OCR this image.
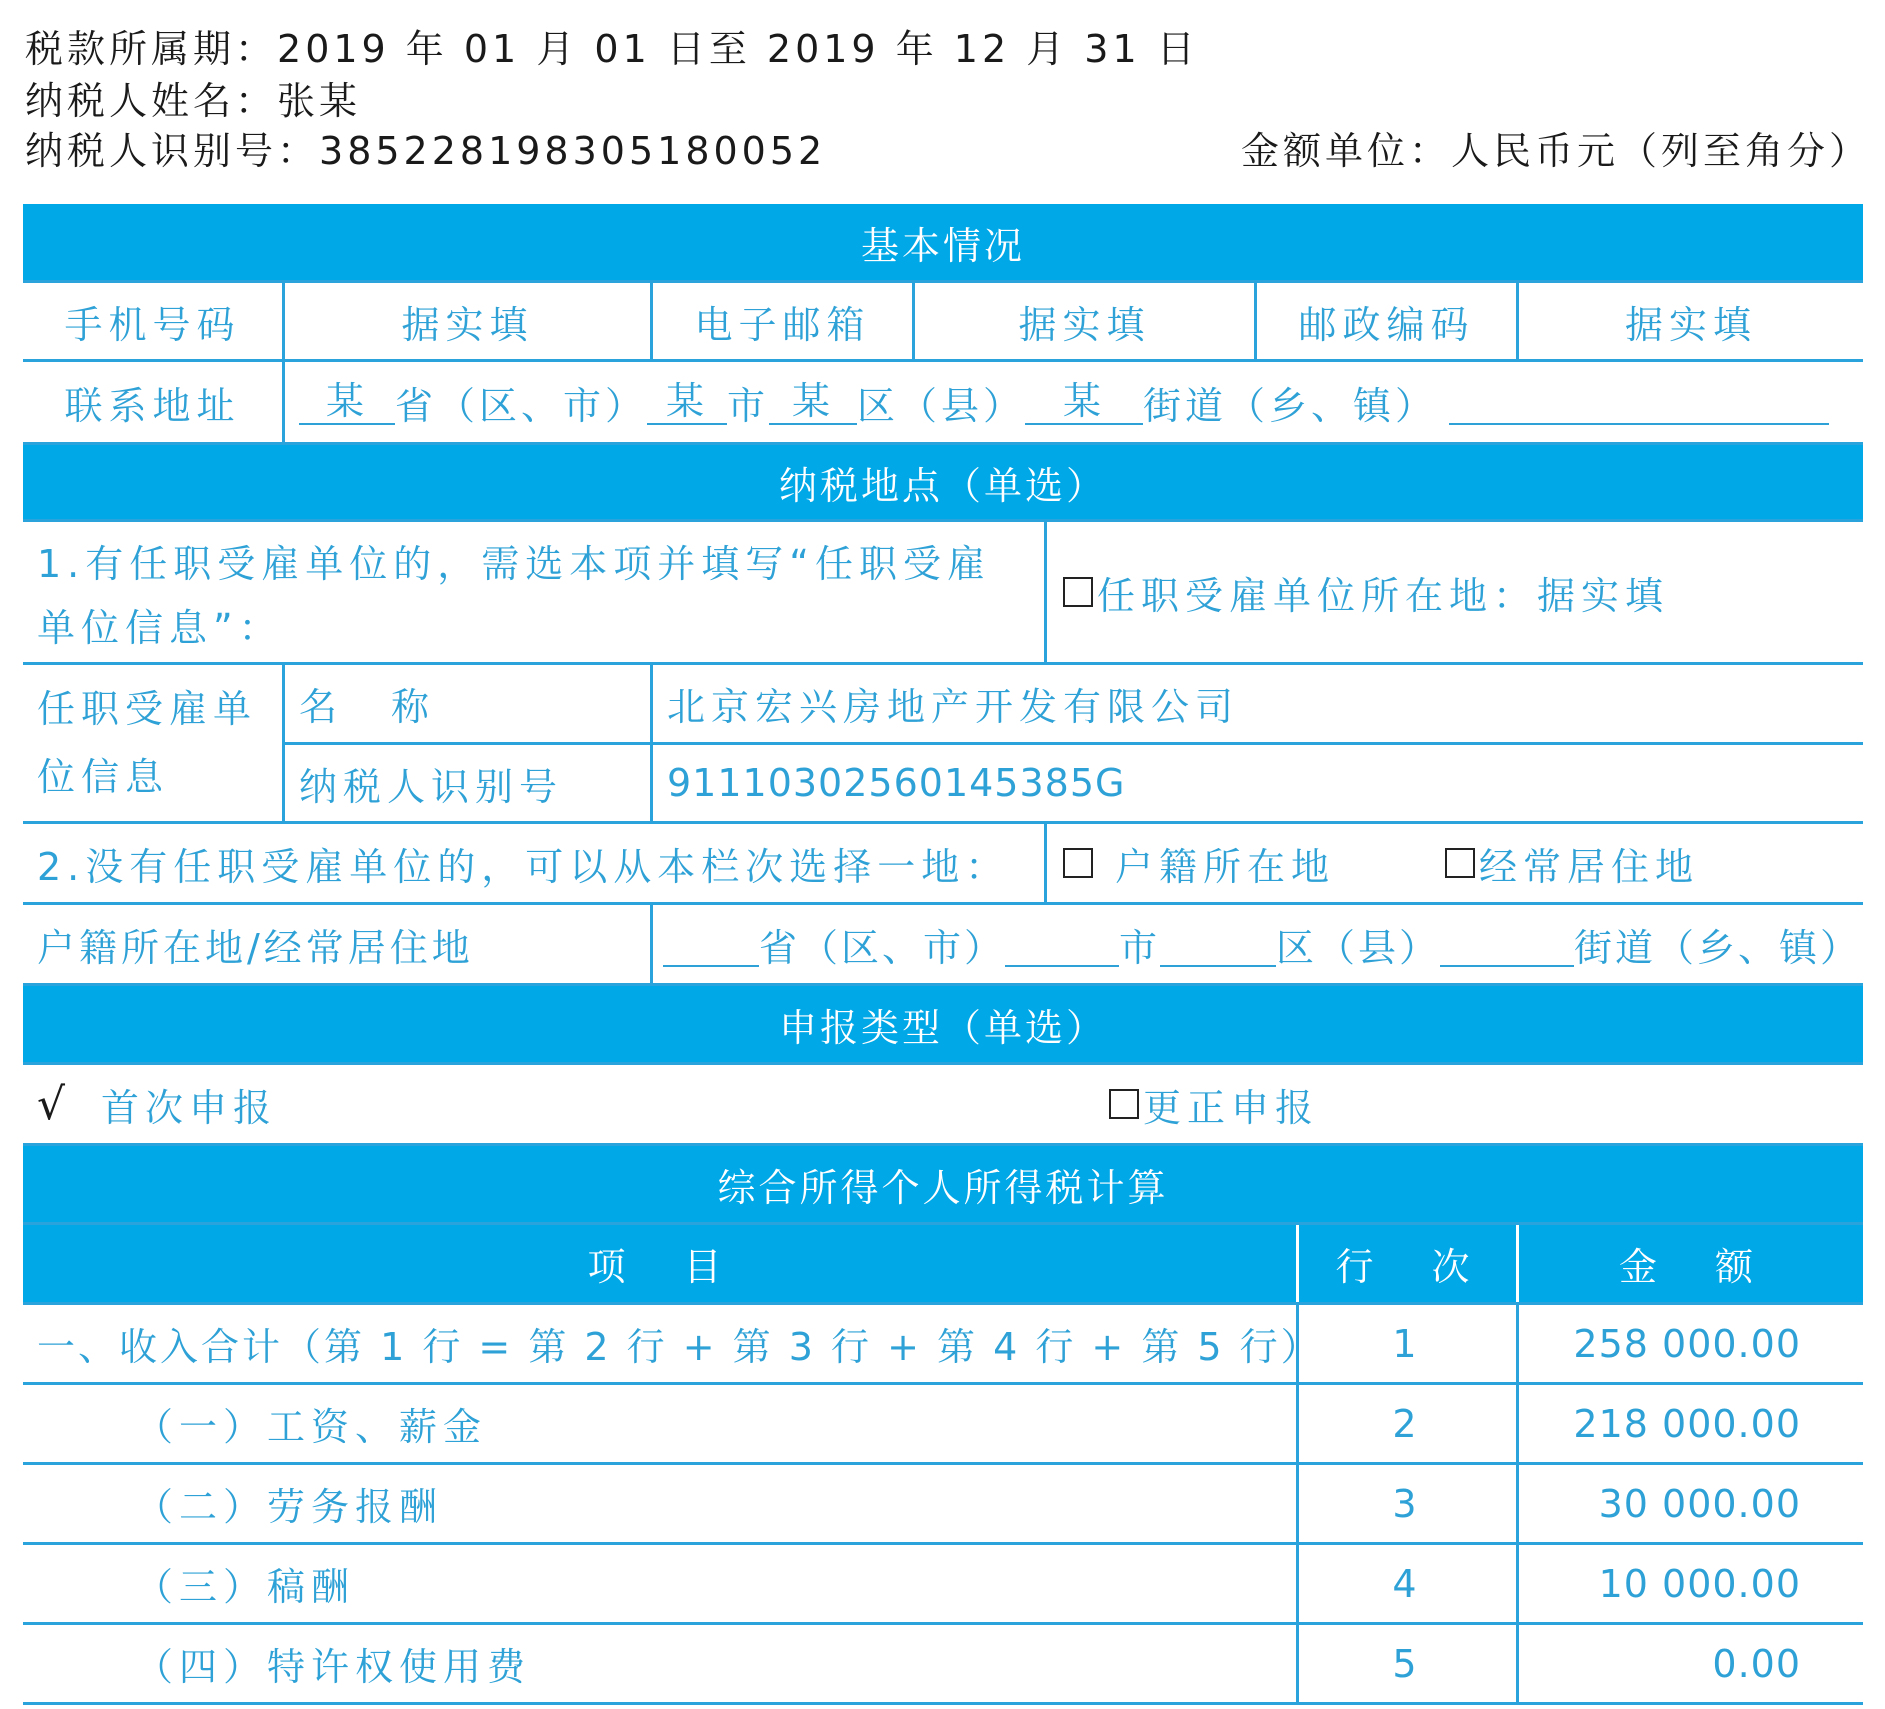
税款所属期：2019 年 01 月 01 日至 2019 年 12 月 31 日
纳税人姓名：张某
纳税人识别号：385228198305180052	金额单位：人民币元（列至角分）
基本情况
手机号码	据实填	电子邮箱	据实填	邮政编码	据实填
联系地址	某 省（区、市） 某 市 某 区（县） 某	街道（乡、镇）
纳税地点（单选）
1.有任职受雇单位的，需选本项并填写“任职受雇单位信息”：
任职受雇单位所在地：据实填
任职受雇单位信息
名　称	北京宏兴房地产开发有限公司
纳税人识别号	91110302560145385G
2.没有任职受雇单位的，可以从本栏次选择一地：	户籍所在地	经常居住地
户籍所在地/经常居住地	省（区、市）	市	区（县）	街道（乡、镇）
申报类型（单选）
√ 首次申报	更正申报
综合所得个人所得税计算
项　目	行　次	金　额
一、收入合计（第 1 行 = 第 2 行 + 第 3 行 + 第 4 行 + 第 5 行）	1	258 000.00
（一）工资、薪金	2	218 000.00
（二）劳务报酬	3	30 000.00
（三）稿酬	4	10 000.00
（四）特许权使用费	5	0.00
